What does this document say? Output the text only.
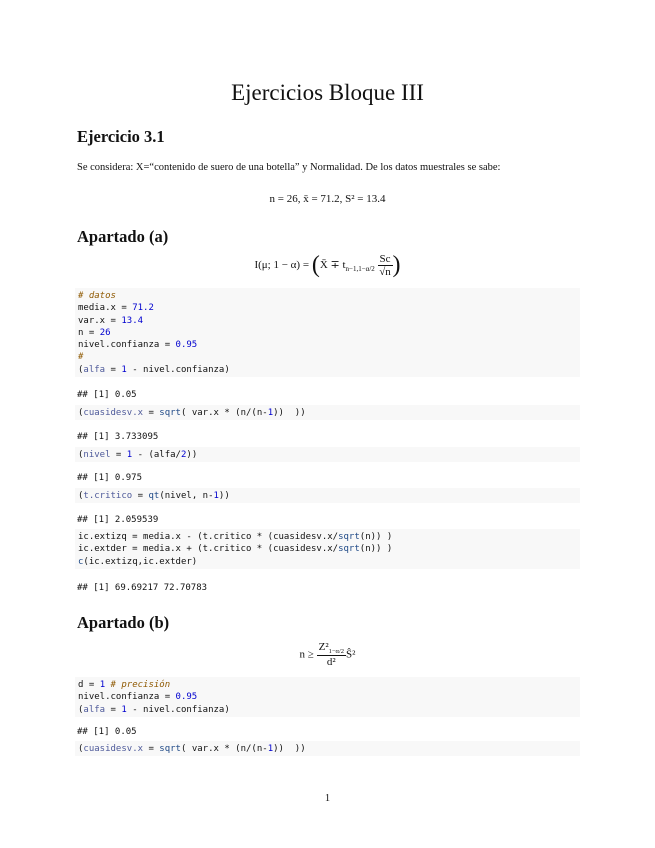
Ejercicios Bloque III
Ejercicio 3.1
Se considera: X=“contenido de suero de una botella” y Normalidad. De los datos muestrales se sabe:
n = 26, x̄ = 71.2, S² = 13.4
Apartado (a)
I(μ; 1 − α) = (X̄ ∓ $t_{n-1,1-\alpha/2} \frac{Sc}{√n}$ )
# datos
media.x = 71.2
var.x = 13.4
n = 26
nivel.confianza = 0.95
#
(alfa = 1 - nivel.confianza)
## [1] 0.05
(cuasidesv.x = sqrt( var.x * (n/(n-1))  ))
## [1] 3.733095
(nivel = 1 - (alfa/2))
## [1] 0.975
(t.critico = qt(nivel, n-1))
## [1] 2.059539
ic.extizq = media.x - (t.critico * (cuasidesv.x/sqrt(n)) )
ic.extder = media.x + (t.critico * (cuasidesv.x/sqrt(n)) )
c(ic.extizq,ic.extder)
## [1] 69.69217 72.70783
Apartado (b)
$n \ge \frac{Z^2_{1-\alpha/2}}{\text{d²}}$ Ŝ²
d = 1 # precisión
nivel.confianza = 0.95
(alfa = 1 - nivel.confianza)
## [1] 0.05
(cuasidesv.x = sqrt( var.x * (n/(n-1))  ))
1
